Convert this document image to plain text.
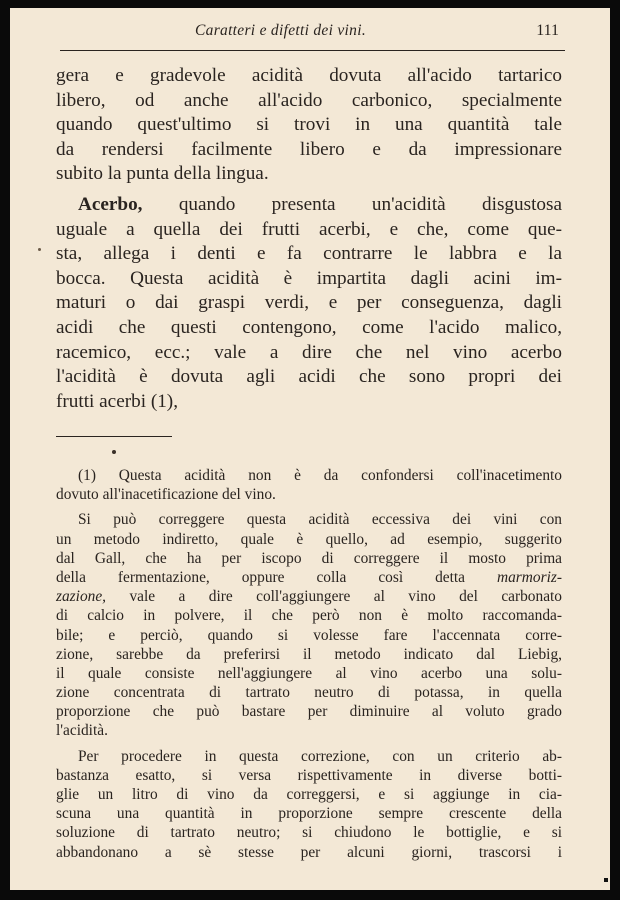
Caratteri e difetti dei vini.	111
gera e gradevole acidità dovuta all'acido tartarico
libero, od anche all'acido carbonico, specialmente
quando quest'ultimo si trovi in una quantità tale
da rendersi facilmente libero e da impressionare
subito la punta della lingua.
Acerbo, quando presenta un'acidità disgustosa
uguale a quella dei frutti acerbi, e che, come que-
sta, allega i denti e fa contrarre le labbra e la
bocca. Questa acidità è impartita dagli acini im-
maturi o dai graspi verdi, e per conseguenza, dagli
acidi che questi contengono, come l'acido malico,
racemico, ecc.; vale a dire che nel vino acerbo
l'acidità è dovuta agli acidi che sono propri dei
frutti acerbi (1),
(1) Questa acidità non è da confondersi coll'inacetimento
dovuto all'inacetificazione del vino.
Si può correggere questa acidità eccessiva dei vini con
un metodo indiretto, quale è quello, ad esempio, suggerito
dal Gall, che ha per iscopo di correggere il mosto prima
della fermentazione, oppure colla così detta marmoriz-
zazione, vale a dire coll'aggiungere al vino del carbonato
di calcio in polvere, il che però non è molto raccomanda-
bile; e perciò, quando si volesse fare l'accennata corre-
zione, sarebbe da preferirsi il metodo indicato dal Liebig,
il quale consiste nell'aggiungere al vino acerbo una solu-
zione concentrata di tartrato neutro di potassa, in quella
proporzione che può bastare per diminuire al voluto grado
l'acidità.
Per procedere in questa correzione, con un criterio ab-
bastanza esatto, si versa rispettivamente in diverse botti-
glie un litro di vino da correggersi, e si aggiunge in cia-
scuna una quantità in proporzione sempre crescente della
soluzione di tartrato neutro; si chiudono le bottiglie, e si
abbandonano a sè stesse per alcuni giorni, trascorsi i
